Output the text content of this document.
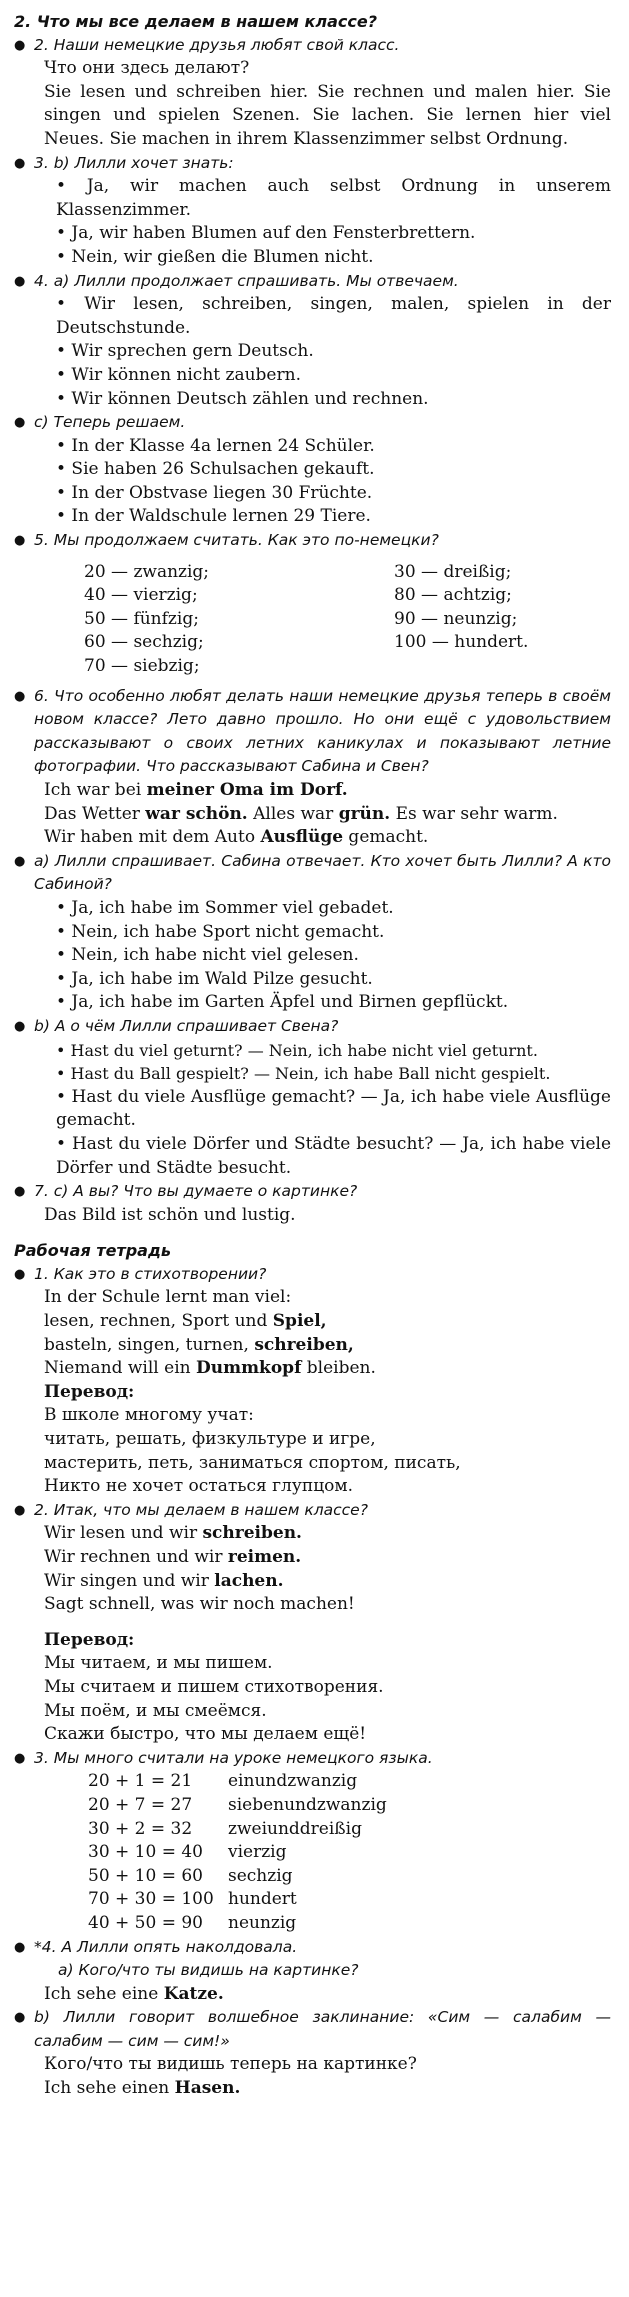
2. Что мы все делаем в нашем классе?
● 2. Наши немецкие друзья любят свой класс.
Что они здесь делают?
Sie lesen und schreiben hier. Sie rechnen und malen hier. Sie singen und spielen Szenen. Sie lachen. Sie lernen hier viel Neues. Sie machen in ihrem Klassenzimmer selbst Ordnung.
● 3. b) Лилли хочет знать:
• Ja, wir machen auch selbst Ordnung in unserem Klassenzimmer.
• Ja, wir haben Blumen auf den Fensterbrettern.
• Nein, wir gießen die Blumen nicht.
● 4. а) Лилли продолжает спрашивать. Мы отвечаем.
• Wir lesen, schreiben, singen, malen, spielen in der Deutschstunde.
• Wir sprechen gern Deutsch.
• Wir können nicht zaubern.
• Wir können Deutsch zählen und rechnen.
● с) Теперь решаем.
• In der Klasse 4a lernen 24 Schüler.
• Sie haben 26 Schulsachen gekauft.
• In der Obstvase liegen 30 Früchte.
• In der Waldschule lernen 29 Tiere.
● 5. Мы продолжаем считать. Как это по-немецки?
20 — zwanzig;
40 — vierzig;
50 — fünfzig;
60 — sechzig;
70 — siebzig;
30 — dreißig;
80 — achtzig;
90 — neunzig;
100 — hundert.
● 6. Что особенно любят делать наши немецкие друзья теперь в своём новом классе? Лето давно прошло. Но они ещё с удовольствием рассказывают о своих летних каникулах и показывают летние фотографии. Что рассказывают Сабина и Свен?
Ich war bei meiner Oma im Dorf.
Das Wetter war schön. Alles war grün. Es war sehr warm.
Wir haben mit dem Auto Ausflüge gemacht.
● а) Лилли спрашивает. Сабина отвечает. Кто хочет быть Лилли? А кто Сабиной?
• Ja, ich habe im Sommer viel gebadet.
• Nein, ich habe Sport nicht gemacht.
• Nein, ich habe nicht viel gelesen.
• Ja, ich habe im Wald Pilze gesucht.
• Ja, ich habe im Garten Äpfel und Birnen gepflückt.
● b) А о чём Лилли спрашивает Свена?
• Hast du viel geturnt? — Nein, ich habe nicht viel geturnt.
• Hast du Ball gespielt? — Nein, ich habe Ball nicht gespielt.
• Hast du viele Ausflüge gemacht? — Ja, ich habe viele Ausflüge gemacht.
• Hast du viele Dörfer und Städte besucht? — Ja, ich habe viele Dörfer und Städte besucht.
● 7. с) А вы? Что вы думаете о картинке?
Das Bild ist schön und lustig.
Рабочая тетрадь
● 1. Как это в стихотворении?
In der Schule lernt man viel:
lesen, rechnen, Sport und Spiel,
basteln, singen, turnen, schreiben,
Niemand will ein Dummkopf bleiben.
Перевод:
В школе многому учат:
читать, решать, физкультуре и игре,
мастерить, петь, заниматься спортом, писать,
Никто не хочет остаться глупцом.
● 2. Итак, что мы делаем в нашем классе?
Wir lesen und wir schreiben.
Wir rechnen und wir reimen.
Wir singen und wir lachen.
Sagt schnell, was wir noch machen!
Перевод:
Мы читаем, и мы пишем.
Мы считаем и пишем стихотворения.
Мы поём, и мы смеёмся.
Скажи быстро, что мы делаем ещё!
● 3. Мы много считали на уроке немецкого языка.
20 + 1 = 21 einundzwanzig
20 + 7 = 27 siebenundzwanzig
30 + 2 = 32 zweiunddreißig
30 + 10 = 40 vierzig
50 + 10 = 60 sechzig
70 + 30 = 100 hundert
40 + 50 = 90 neunzig
● *4. А Лилли опять наколдовала.
а) Кого/что ты видишь на картинке?
Ich sehe eine Katze.
● b) Лилли говорит волшебное заклинание: «Сим — салабим — салабим — сим — сим!»
Кого/что ты видишь теперь на картинке?
Ich sehe einen Hasen.
